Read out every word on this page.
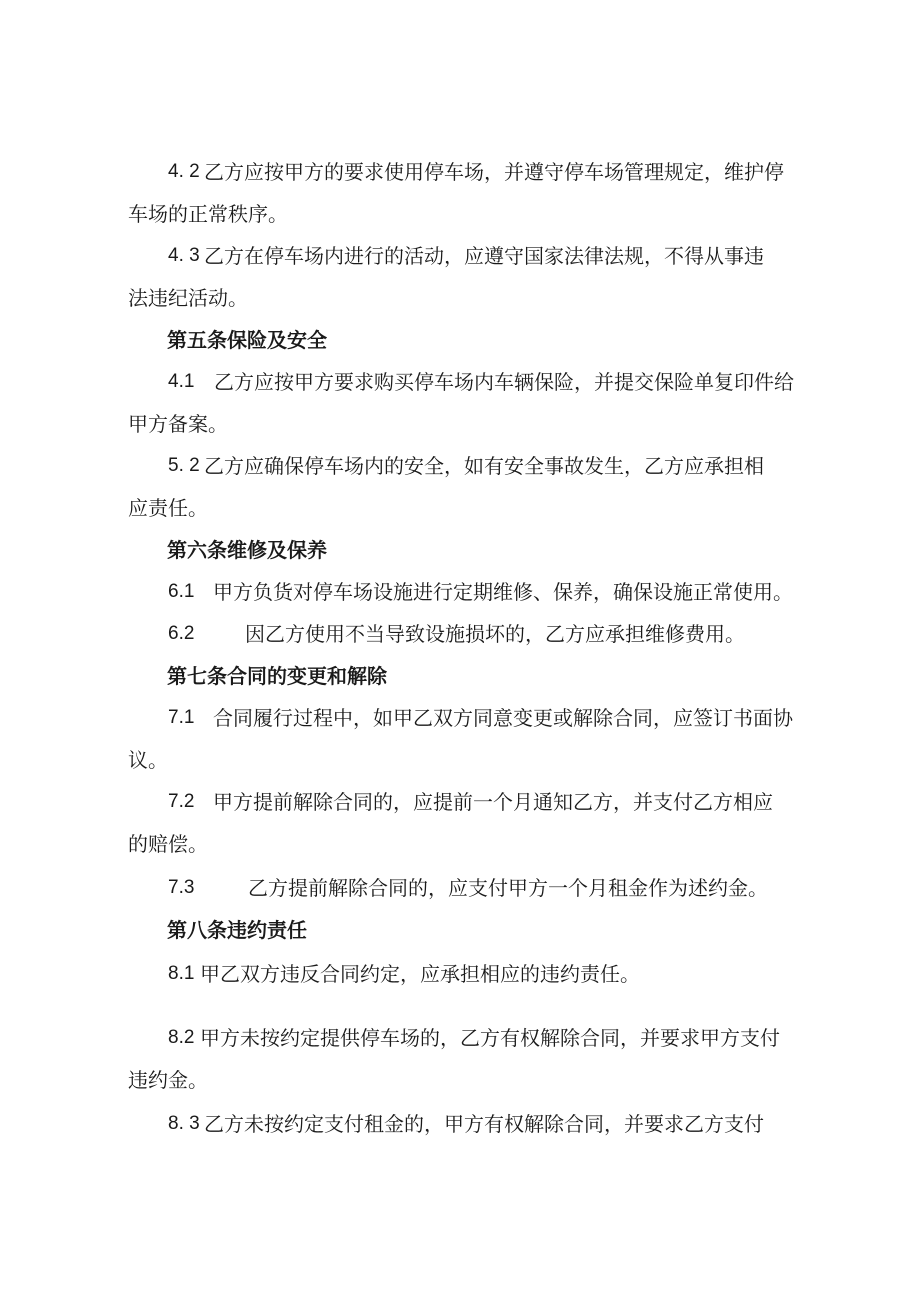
4. 2 乙方应按甲方的要求使用停车场，并遵守停车场管理规定，维护停
车场的正常秩序。
4. 3 乙方在停车场内进行的活动，应遵守国家法律法规，不得从事违
法违纪活动。
第五条保险及安全
4.1 乙方应按甲方要求购买停车场内车辆保险，并提交保险单复印件给
甲方备案。
5. 2 乙方应确保停车场内的安全，如有安全事故发生，乙方应承担相
应责任。
第六条维修及保养
6.1 甲方负货对停车场设施进行定期维修、保养，确保设施正常使用。
6.2	因乙方使用不当导致设施损坏的，乙方应承担维修费用。
第七条合同的变更和解除
7.1 合同履行过程中，如甲乙双方同意变更或解除合同，应签订书面协
议。
7.2 甲方提前解除合同的，应提前一个月通知乙方，并支付乙方相应
的赔偿。
7.3	乙方提前解除合同的，应支付甲方一个月租金作为述约金。
第八条违约责任
8.1 甲乙双方违反合同约定，应承担相应的违约责任。
8.2 甲方未按约定提供停车场的，乙方有权解除合同，并要求甲方支付
违约金。
8. 3 乙方未按约定支付租金的，甲方有权解除合同，并要求乙方支付
